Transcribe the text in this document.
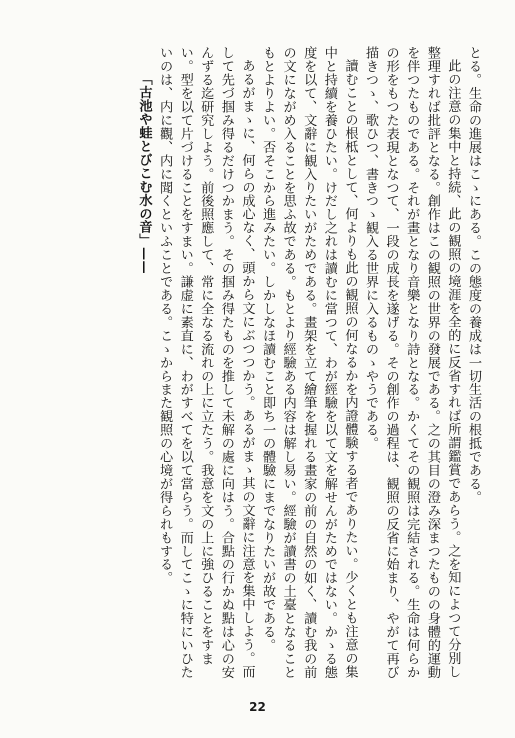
とる。生命の進展はこゝにある。この態度の養成は一切生活の根抵である。

此の注意の集中と持続、此の観照の境涯を全的に反省すれば所謂鑑賞であらう。之を知によつて分別し整理すれば批評となる。創作はこの観照の世界の發展である。之の其目の澄み深まつたものの身體的運動を伴つたものである。それが畫となり音樂となり詩となる。かくてその観照は完結される。生命は何らかの形をもつた表現となつて、一段の成長を遂げる。その創作の過程は、観照の反省に始まり、やがて再び描きつゝ、歌ひつ、書きつゝ観入る世界に入るものゝやうである。

讀むことの根柢として、何よりも此の観照の何なるかを内證體験する者でありたい。少くとも注意の集中と持續を養ひたい。けだし之れは讀むに當つて、わが經驗を以て文を解せんがためではない。かゝる態度を以て、文辭に観入りたいがためである。畫架を立て繪筆を握れる畫家の前の自然の如く、讀む我の前の文にながめ入ることを思ふ故である。もとより經驗ある内容は解し易い。經驗が讀書の土臺となることもとよりよい。否そこから進みたい。しかしなほ讀むこと即ち一の體驗にまでなりたいが故である。

あるがまゝに、何らの成心なく、頭から文にぶつつかう。あるがまゝ其の文辭に注意を集中しよう。而して先づ掴み得るだけつかまう。その掴み得たものを推して未解の處に向はう。合點の行かぬ點は心の安んずる迄研究しよう。前後照應して、常に全なる流れの上に立たう。我意を文の上に強ひることをすまい。型を以て片づけることをすまい。謙虚に素直に、わがすべてを以て當らう。而してこゝに特にいひたいのは、内に觀、内に聞くといふことである。こゝからまた観照の心境が得られもする。

「古池や蛙とびこむ水の音」——

22
